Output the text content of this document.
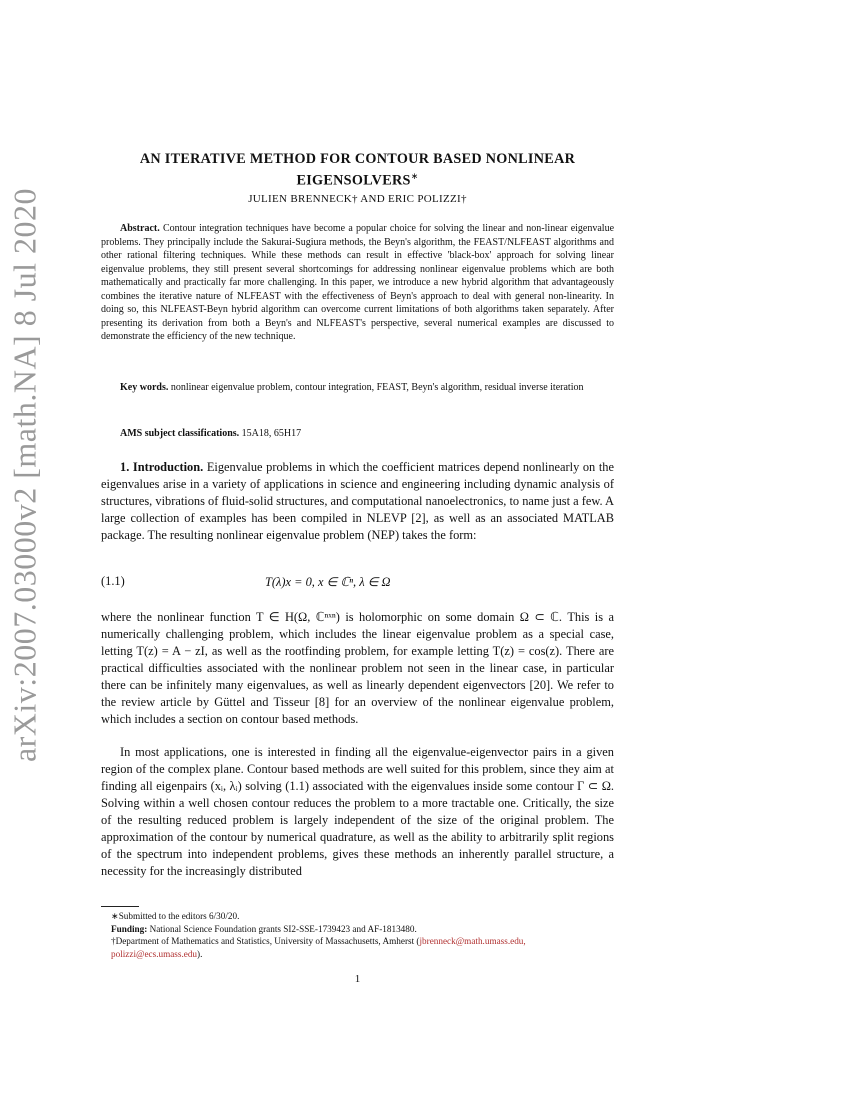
arXiv:2007.03000v2 [math.NA] 8 Jul 2020
AN ITERATIVE METHOD FOR CONTOUR BASED NONLINEAR
EIGENSOLVERS∗
JULIEN BRENNECK† AND ERIC POLIZZI†
Abstract. Contour integration techniques have become a popular choice for solving the linear and non-linear eigenvalue problems. They principally include the Sakurai-Sugiura methods, the Beyn's algorithm, the FEAST/NLFEAST algorithms and other rational filtering techniques. While these methods can result in effective 'black-box' approach for solving linear eigenvalue problems, they still present several shortcomings for addressing nonlinear eigenvalue problems which are both mathematically and practically far more challenging. In this paper, we introduce a new hybrid algorithm that advantageously combines the iterative nature of NLFEAST with the effectiveness of Beyn's approach to deal with general non-linearity. In doing so, this NLFEAST-Beyn hybrid algorithm can overcome current limitations of both algorithms taken separately. After presenting its derivation from both a Beyn's and NLFEAST's perspective, several numerical examples are discussed to demonstrate the efficiency of the new technique.
Key words. nonlinear eigenvalue problem, contour integration, FEAST, Beyn's algorithm, residual inverse iteration
AMS subject classifications. 15A18, 65H17
1. Introduction. Eigenvalue problems in which the coefficient matrices depend nonlinearly on the eigenvalues arise in a variety of applications in science and engineering including dynamic analysis of structures, vibrations of fluid-solid structures, and computational nanoelectronics, to name just a few. A large collection of examples has been compiled in NLEVP [2], as well as an associated MATLAB package. The resulting nonlinear eigenvalue problem (NEP) takes the form:
(1.1)	T(λ)x = 0, x ∈ ℂⁿ, λ ∈ Ω
where the nonlinear function T ∈ H(Ω, ℂⁿˣⁿ) is holomorphic on some domain Ω ⊂ ℂ. This is a numerically challenging problem, which includes the linear eigenvalue problem as a special case, letting T(z) = A − zI, as well as the rootfinding problem, for example letting T(z) = cos(z). There are practical difficulties associated with the nonlinear problem not seen in the linear case, in particular there can be infinitely many eigenvalues, as well as linearly dependent eigenvectors [20]. We refer to the review article by Güttel and Tisseur [8] for an overview of the nonlinear eigenvalue problem, which includes a section on contour based methods.
In most applications, one is interested in finding all the eigenvalue-eigenvector pairs in a given region of the complex plane. Contour based methods are well suited for this problem, since they aim at finding all eigenpairs (xᵢ, λᵢ) solving (1.1) associated with the eigenvalues inside some contour Γ ⊂ Ω. Solving within a well chosen contour reduces the problem to a more tractable one. Critically, the size of the resulting reduced problem is largely independent of the size of the original problem. The approximation of the contour by numerical quadrature, as well as the ability to arbitrarily split regions of the spectrum into independent problems, gives these methods an inherently parallel structure, a necessity for the increasingly distributed
∗Submitted to the editors 6/30/20.
Funding: National Science Foundation grants SI2-SSE-1739423 and AF-1813480.
†Department of Mathematics and Statistics, University of Massachusetts, Amherst (jbrenneck@math.umass.edu, polizzi@ecs.umass.edu).
1
